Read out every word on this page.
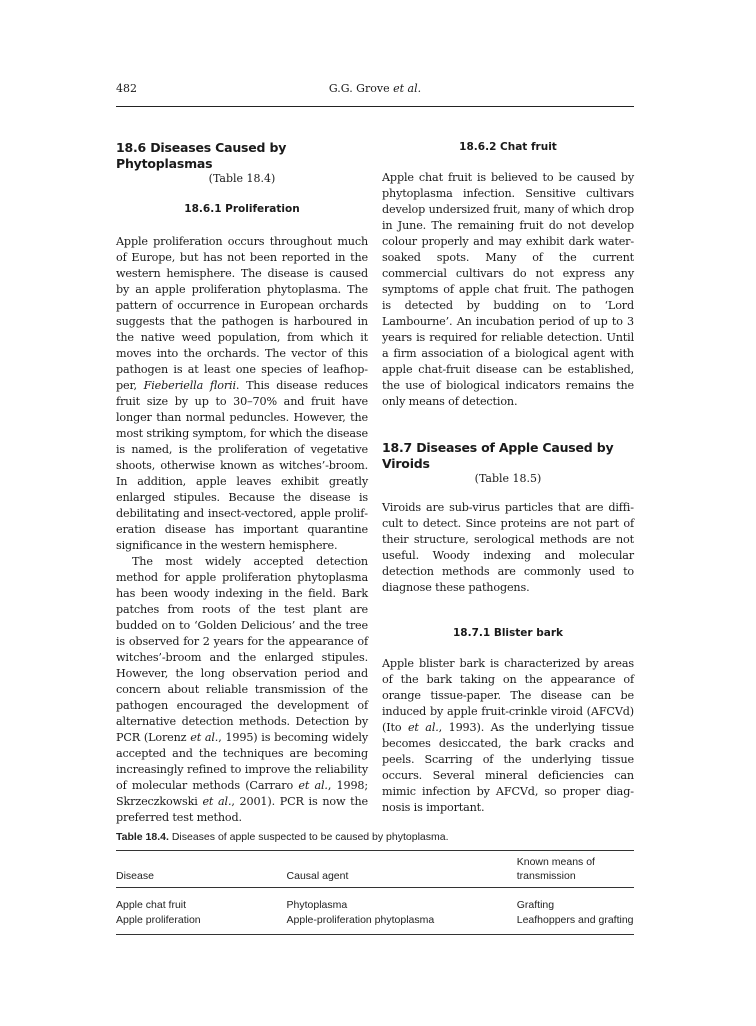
482	G.G. Grove et al.
18.6 Diseases Caused by Phytoplasmas

(Table 18.4)

18.6.1 Proliferation

Apple proliferation occurs throughout much of Europe, but has not been reported in the western hemisphere. The disease is caused by an apple proliferation phytoplasma. The pattern of occurrence in European orchards suggests that the pathogen is harboured in the native weed population, from which it moves into the orchards. The vector of this pathogen is at least one species of leafhopper, Fieberiella florii. This disease reduces fruit size by up to 30–70% and fruit have longer than normal peduncles. However, the most striking symptom, for which the disease is named, is the proliferation of vegetative shoots, otherwise known as witches’-broom. In addition, apple leaves exhibit greatly enlarged stipules. Because the disease is debilitating and insect-vectored, apple proliferation disease has important quarantine significance in the western hemisphere.

The most widely accepted detection method for apple proliferation phytoplasma has been woody indexing in the field. Bark patches from roots of the test plant are budded on to ‘Golden Delicious’ and the tree is observed for 2 years for the appearance of witches’-broom and the enlarged stipules. However, the long observation period and concern about reliable transmission of the pathogen encouraged the development of alternative detection methods. Detection by PCR (Lorenz et al., 1995) is becoming widely accepted and the techniques are becoming increasingly refined to improve the reliability of molecular methods (Carraro et al., 1998; Skrzeczkowski et al., 2001). PCR is now the preferred test method.

18.6.2 Chat fruit

Apple chat fruit is believed to be caused by phytoplasma infection. Sensitive cultivars develop undersized fruit, many of which drop in June. The remaining fruit do not develop colour properly and may exhibit dark water-soaked spots. Many of the current commercial cultivars do not express any symptoms of apple chat fruit. The pathogen is detected by budding on to ‘Lord Lambourne’. An incubation period of up to 3 years is required for reliable detection. Until a firm association of a biological agent with apple chat-fruit disease can be established, the use of biological indicators remains the only means of detection.

18.7 Diseases of Apple Caused by Viroids

(Table 18.5)

Viroids are sub-virus particles that are difficult to detect. Since proteins are not part of their structure, serological methods are not useful. Woody indexing and molecular detection methods are commonly used to diagnose these pathogens.

18.7.1 Blister bark

Apple blister bark is characterized by areas of the bark taking on the appearance of orange tissue-paper. The disease can be induced by apple fruit-crinkle viroid (AFCVd) (Ito et al., 1993). As the underlying tissue becomes desiccated, the bark cracks and peels. Scarring of the underlying tissue occurs. Several mineral deficiencies can mimic infection by AFCVd, so proper diagnosis is important.

Table 18.4. Diseases of apple suspected to be caused by phytoplasma.

Disease	Causal agent	Known means of transmission
Apple chat fruit	Phytoplasma	Grafting
Apple proliferation	Apple-proliferation phytoplasma	Leafhoppers and grafting
